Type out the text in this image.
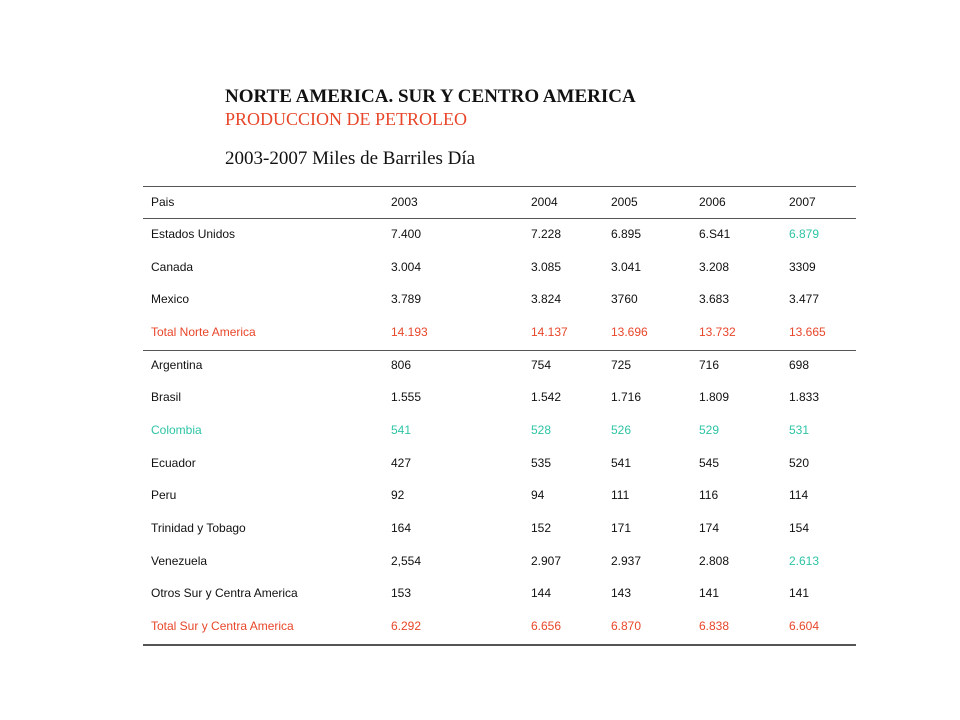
NORTE AMERICA. SUR Y CENTRO AMERICA
PRODUCCION DE PETROLEO
2003-2007 Miles de Barriles Día
Pais	2003	2004	2005	2006	2007
Estados Unidos	7.400	7.228	6.895	6.S41	6.879
Canada	3.004	3.085	3.041	3.208	3309
Mexico	3.789	3.824	3760	3.683	3.477
Total Norte America	14.193	14.137	13.696	13.732	13.665
Argentina	806	754	725	716	698
Brasil	1.555	1.542	1.716	1.809	1.833
Colombia	541	528	526	529	531
Ecuador	427	535	541	545	520
Peru	92	94	111	116	114
Trinidad y Tobago	164	152	171	174	154
Venezuela	2,554	2.907	2.937	2.808	2.613
Otros Sur y Centra America	153	144	143	141	141
Total Sur y Centra America	6.292	6.656	6.870	6.838	6.604
